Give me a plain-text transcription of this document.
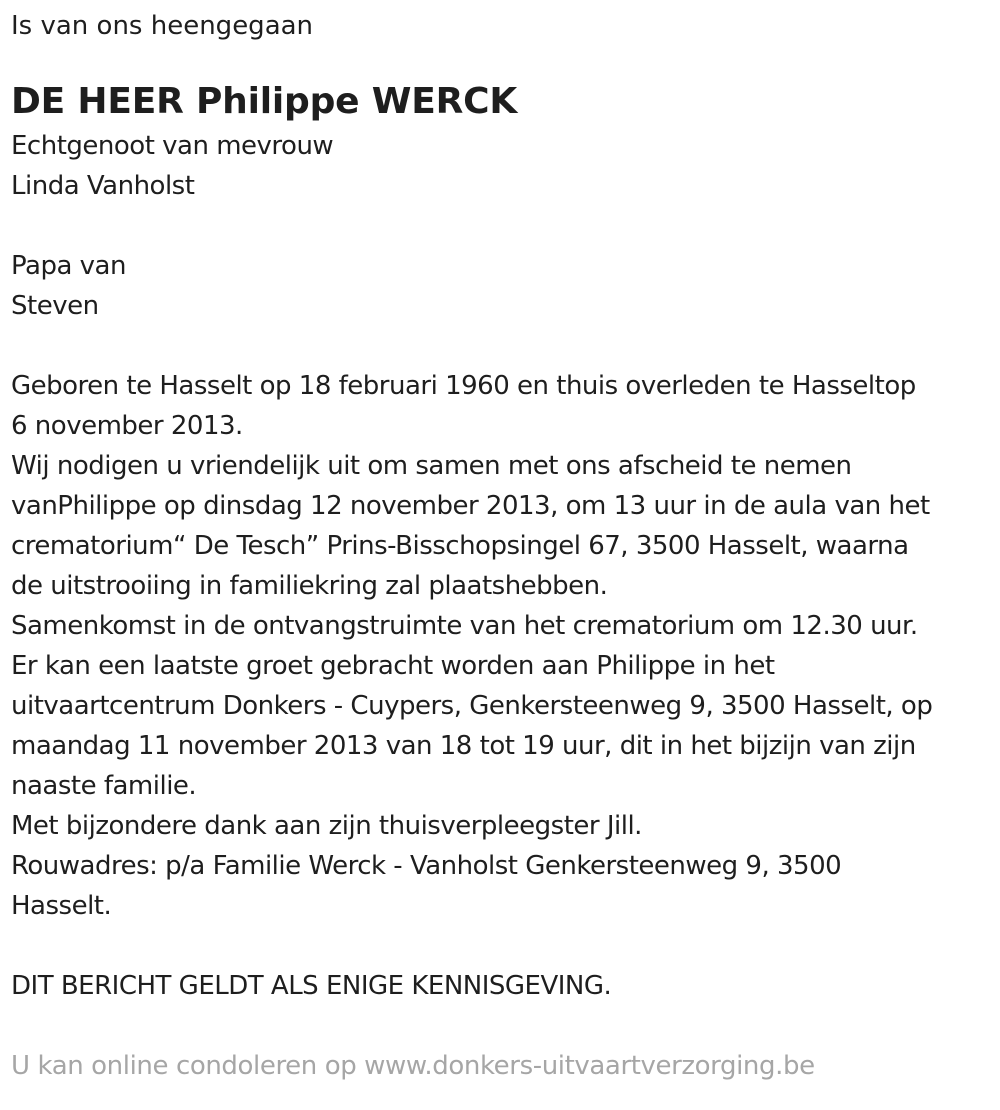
Is van ons heengegaan

DE HEER Philippe WERCK
Echtgenoot van mevrouw
Linda Vanholst
Papa van
Steven
Geboren te Hasselt op 18 februari 1960 en thuis overleden te Hasseltop
6 november 2013.
Wij nodigen u vriendelijk uit om samen met ons afscheid te nemen
vanPhilippe op dinsdag 12 november 2013, om 13 uur in de aula van het
crematorium“ De Tesch” Prins-Bisschopsingel 67, 3500 Hasselt, waarna
de uitstrooiing in familiekring zal plaatshebben.
Samenkomst in de ontvangstruimte van het crematorium om 12.30 uur.
Er kan een laatste groet gebracht worden aan Philippe in het
uitvaartcentrum Donkers - Cuypers, Genkersteenweg 9, 3500 Hasselt, op
maandag 11 november 2013 van 18 tot 19 uur, dit in het bijzijn van zijn
naaste familie.
Met bijzondere dank aan zijn thuisverpleegster Jill.
Rouwadres: p/a Familie Werck - Vanholst Genkersteenweg 9, 3500
Hasselt.
DIT BERICHT GELDT ALS ENIGE KENNISGEVING.
U kan online condoleren op www.donkers-uitvaartverzorging.be
